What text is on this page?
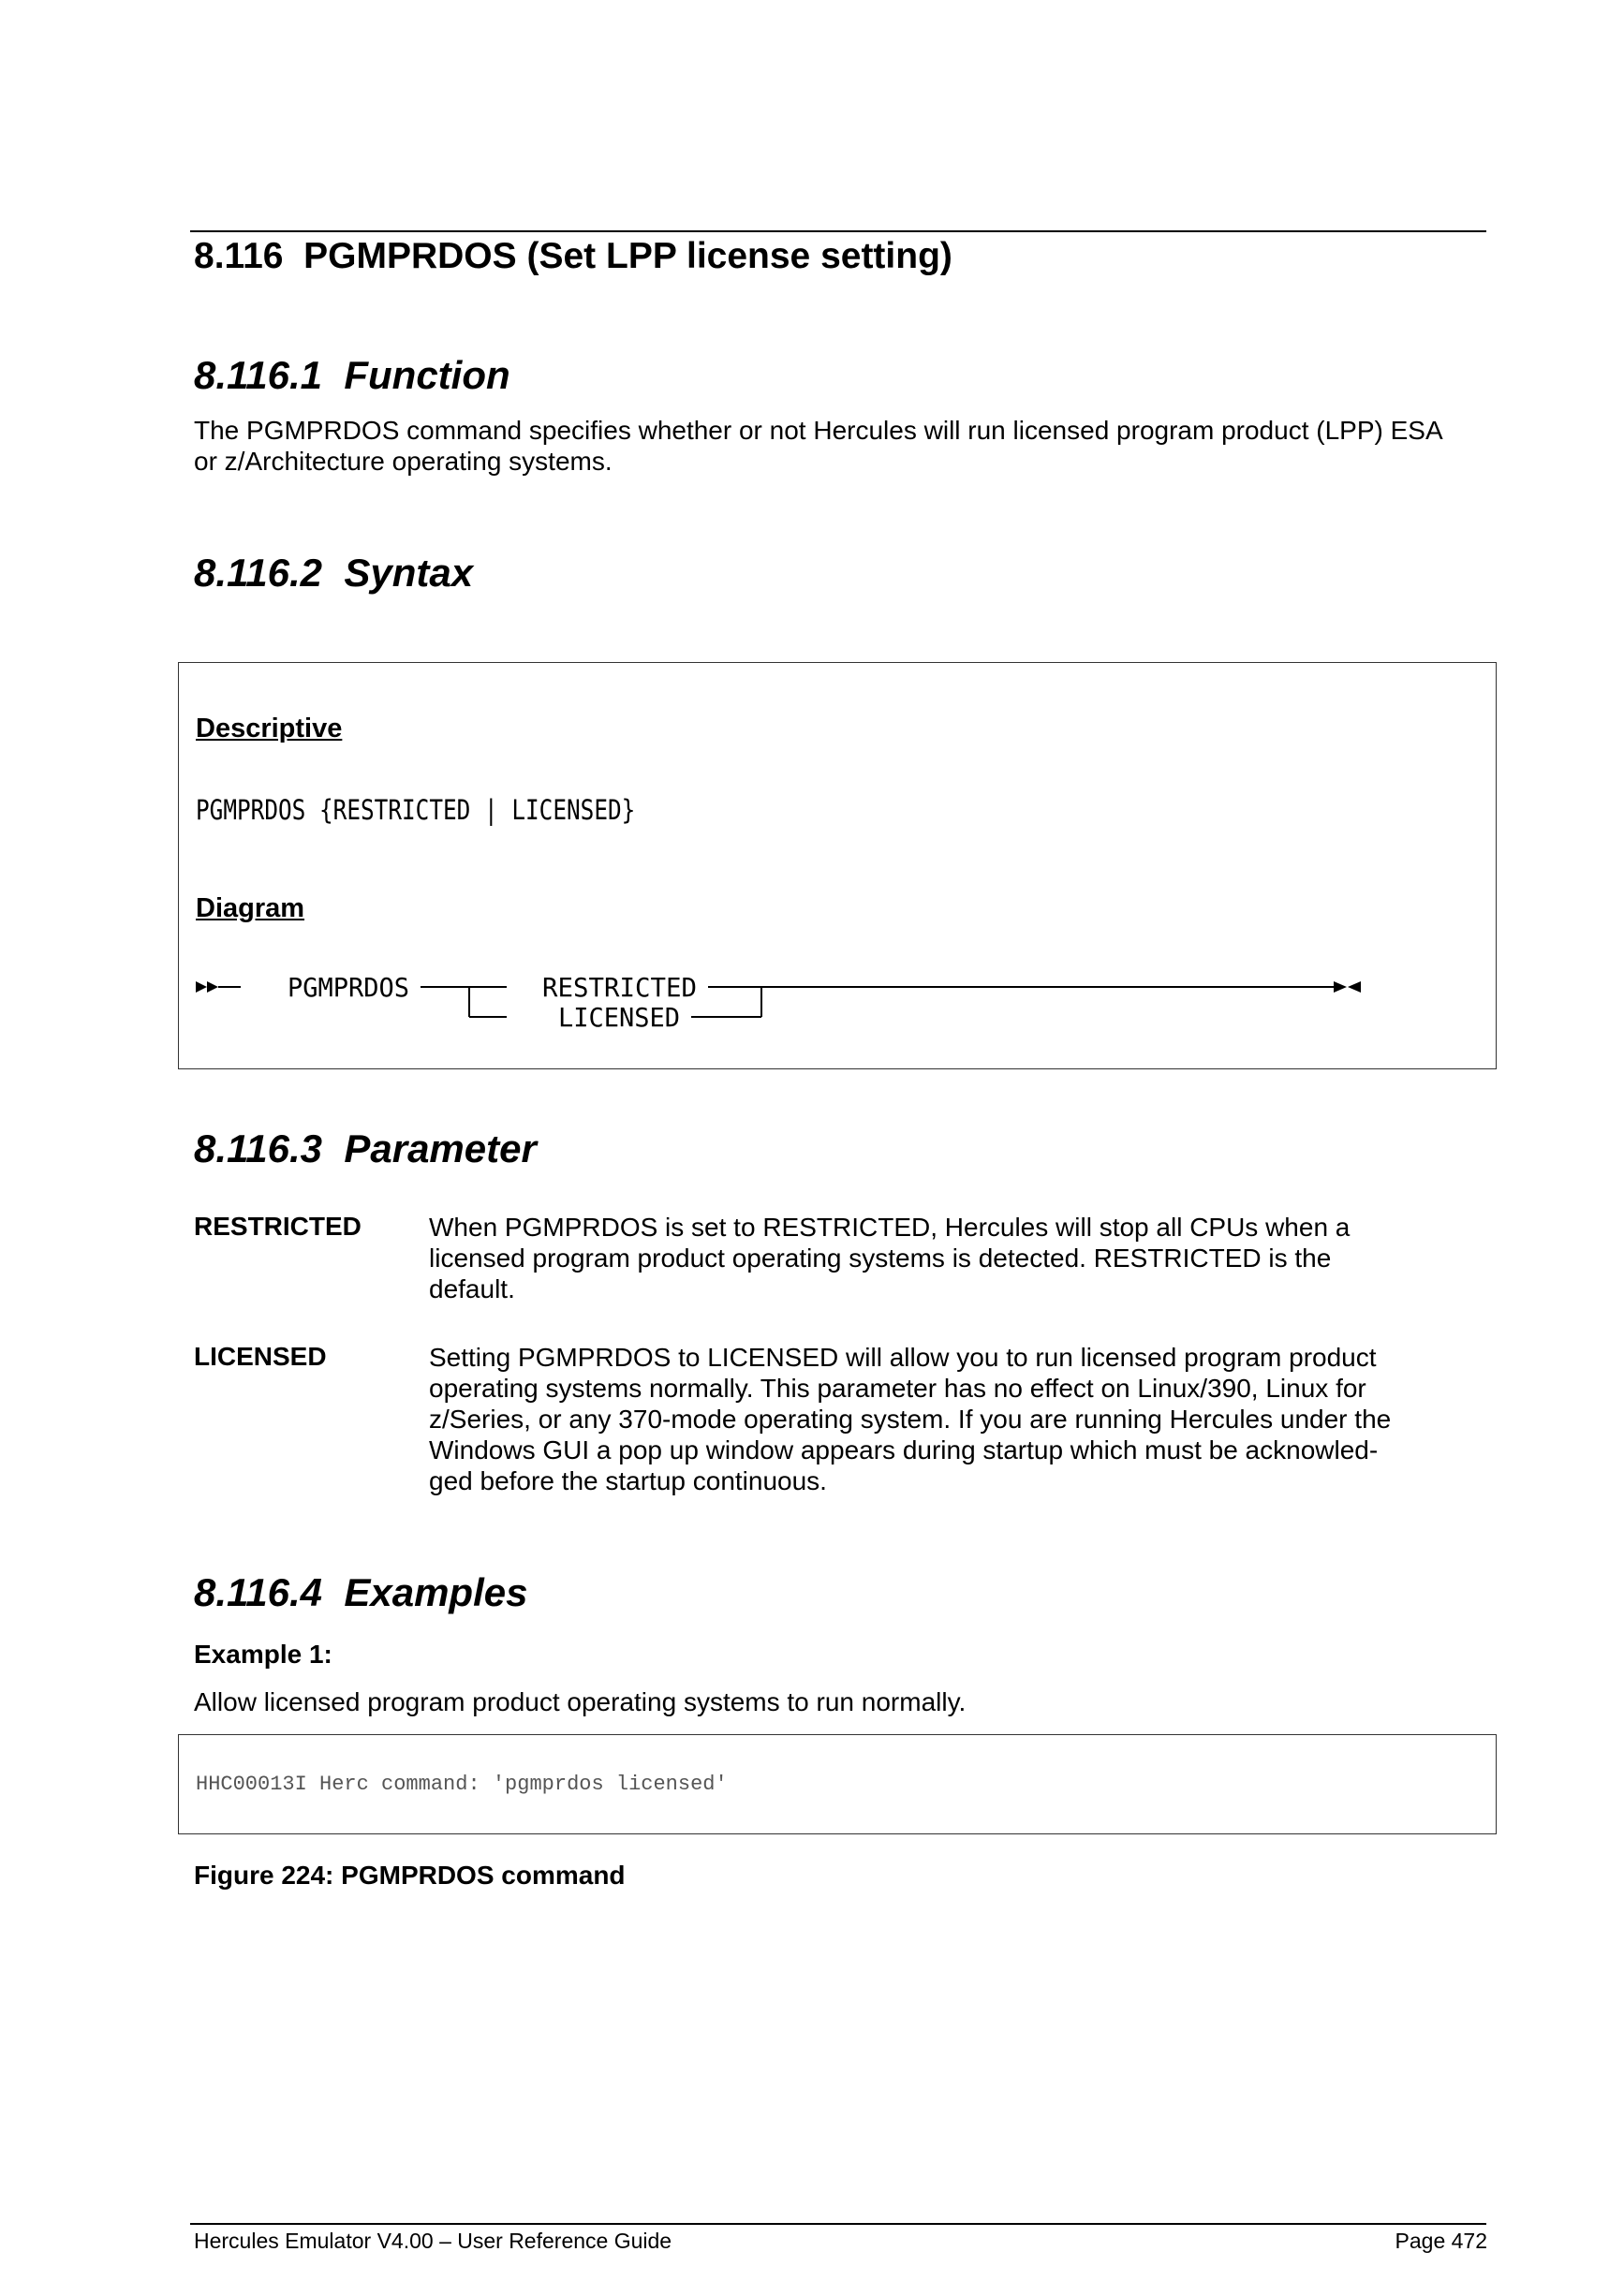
8.116 PGMPRDOS (Set LPP license setting)
8.116.1 Function
The PGMPRDOS command specifies whether or not Hercules will run licensed program product (LPP) ESA or z/Architecture operating systems.
8.116.2 Syntax
Descriptive
PGMPRDOS {RESTRICTED | LICENSED}
Diagram
PGMPRDOS	RESTRICTED
LICENSED
8.116.3 Parameter
RESTRICTED	When PGMPRDOS is set to RESTRICTED, Hercules will stop all CPUs when a
licensed program product operating systems is detected. RESTRICTED is the
default.
LICENSED	Setting PGMPRDOS to LICENSED will allow you to run licensed program product
operating systems normally. This parameter has no effect on Linux/390, Linux for
z/Series, or any 370-mode operating system. If you are running Hercules under the
Windows GUI a pop up window appears during startup which must be acknowled-
ged before the startup continuous.
8.116.4 Examples
Example 1:
Allow licensed program product operating systems to run normally.
HHC00013I Herc command: 'pgmprdos licensed'
Figure 224: PGMPRDOS command
Hercules Emulator V4.00 – User Reference Guide	Page 472
